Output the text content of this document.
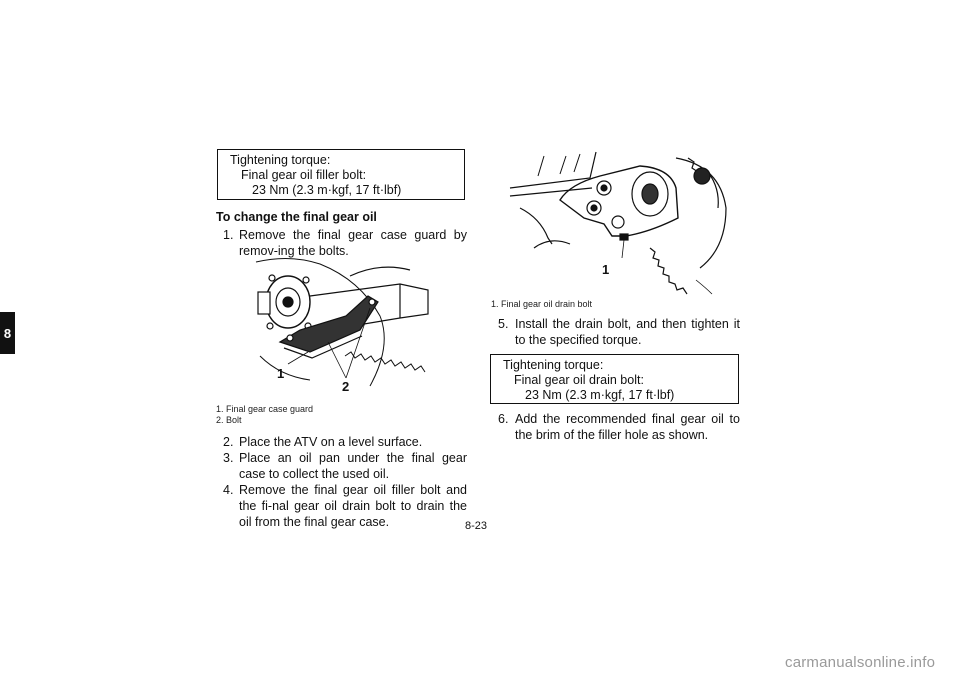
8
Tightening torque:
Final gear oil filler bolt:
23 Nm (2.3 m·kgf, 17 ft·lbf)
To change the final gear oil
1. Remove the final gear case guard by remov-ing the bolts.
1
2
1. Final gear case guard
2. Bolt
2. Place the ATV on a level surface.
3. Place an oil pan under the final gear case to collect the used oil.
4. Remove the final gear oil filler bolt and the fi-nal gear oil drain bolt to drain the oil from the final gear case.
1
1. Final gear oil drain bolt
5. Install the drain bolt, and then tighten it to the specified torque.
Tightening torque:
Final gear oil drain bolt:
23 Nm (2.3 m·kgf, 17 ft·lbf)
6. Add the recommended final gear oil to the brim of the filler hole as shown.
8-23
carmanualsonline.info
